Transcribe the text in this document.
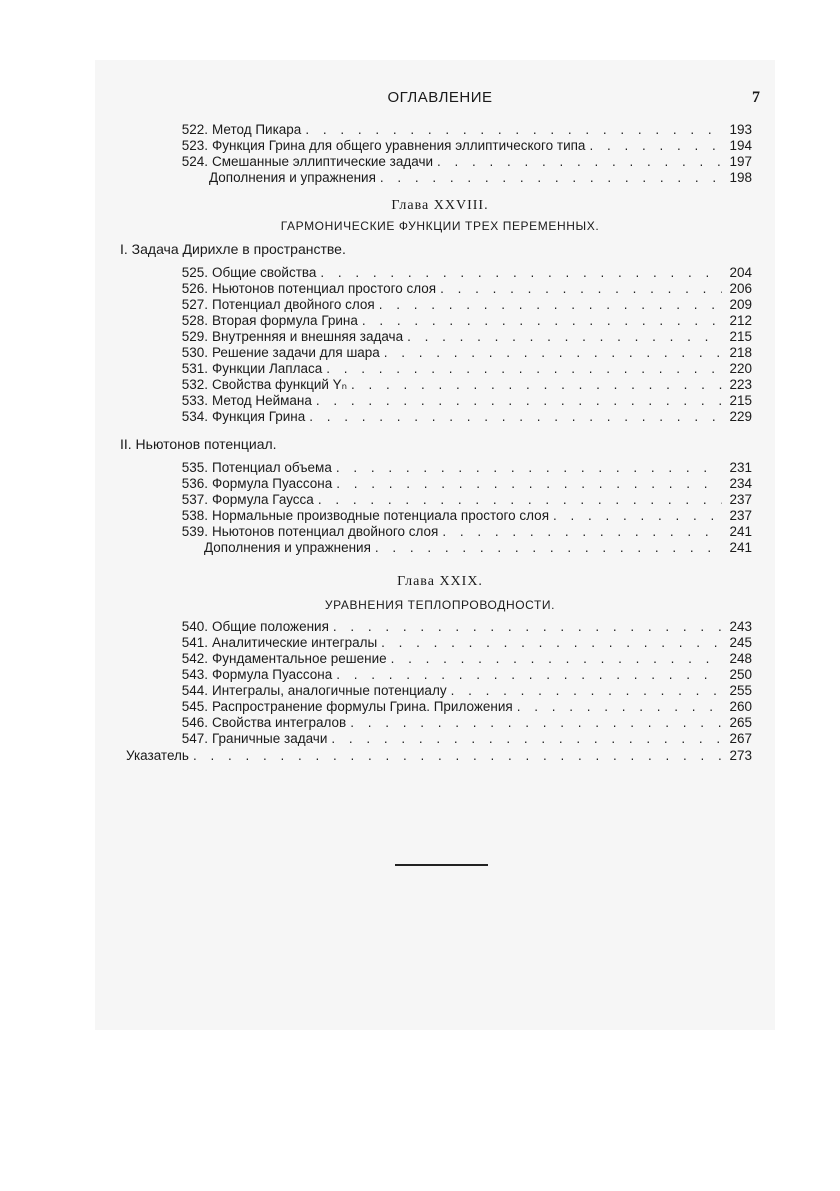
ОГЛАВЛЕНИЕ	7
522. Метод Пикара . . .	193
523. Функция Грина для общего уравнения эллиптического типа . . .	194
524. Смешанные эллиптические задачи . . .	197
Дополнения и упражнения . . .	198
Глава XXVIII.
ГАРМОНИЧЕСКИЕ ФУНКЦИИ ТРЕХ ПЕРЕМЕННЫХ.
I. Задача Дирихле в пространстве.
525. Общие свойства . . .	204
526. Ньютонов потенциал простого слоя . . .	206
527. Потенциал двойного слоя . . .	209
528. Вторая формула Грина . . .	212
529. Внутренняя и внешняя задача . . .	215
530. Решение задачи для шара . . .	218
531. Функции Лапласа . . .	220
532. Свойства функций Yₙ . . .	223
533. Метод Неймана . . .	215
534. Функция Грина . . .	229
II. Ньютонов потенциал.
535. Потенциал объема . . .	231
536. Формула Пуассона . . .	234
537. Формула Гаусса . . .	237
538. Нормальные производные потенциала простого слоя . . .	237
539. Ньютонов потенциал двойного слоя . . .	241
Дополнения и упражнения . . .	241
Глава XXIX.
УРАВНЕНИЯ ТЕПЛОПРОВОДНОСТИ.
540. Общие положения . . .	243
541. Аналитические интегралы . . .	245
542. Фундаментальное решение . . .	248
543. Формула Пуассона . . .	250
544. Интегралы, аналогичные потенциалу . . .	255
545. Распространение формулы Грина. Приложения . . .	260
546. Свойства интегралов . . .	265
547. Граничные задачи . . .	267
Указатель . . .	273
